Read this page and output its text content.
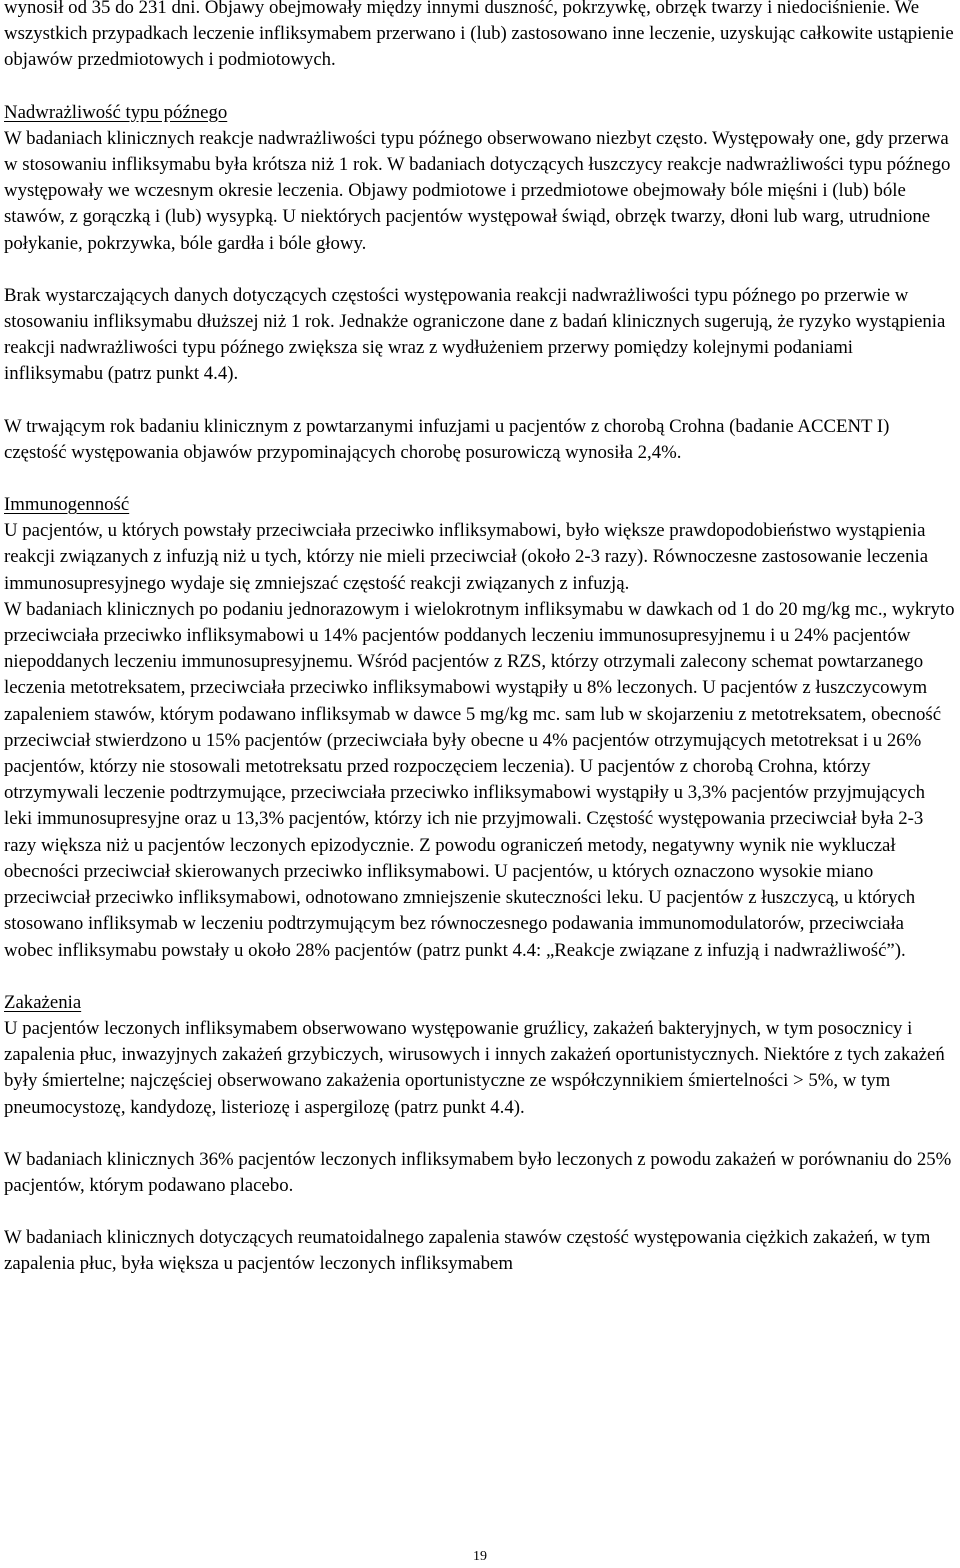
wynosił od 35 do 231 dni. Objawy obejmowały między innymi duszność, pokrzywkę, obrzęk twarzy i niedociśnienie. We wszystkich przypadkach leczenie infliksymabem przerwano i (lub) zastosowano inne leczenie, uzyskując całkowite ustąpienie objawów przedmiotowych i podmiotowych.

Nadwrażliwość typu późnego
W badaniach klinicznych reakcje nadwrażliwości typu późnego obserwowano niezbyt często. Występowały one, gdy przerwa w stosowaniu infliksymabu była krótsza niż 1 rok. W badaniach dotyczących łuszczycy reakcje nadwrażliwości typu późnego występowały we wczesnym okresie leczenia. Objawy podmiotowe i przedmiotowe obejmowały bóle mięśni i (lub) bóle stawów, z gorączką i (lub) wysypką. U niektórych pacjentów występował świąd, obrzęk twarzy, dłoni lub warg, utrudnione połykanie, pokrzywka, bóle gardła i bóle głowy.

Brak wystarczających danych dotyczących częstości występowania reakcji nadwrażliwości typu późnego po przerwie w stosowaniu infliksymabu dłuższej niż 1 rok. Jednakże ograniczone dane z badań klinicznych sugerują, że ryzyko wystąpienia reakcji nadwrażliwości typu późnego zwiększa się wraz z wydłużeniem przerwy pomiędzy kolejnymi podaniami infliksymabu (patrz punkt 4.4).

W trwającym rok badaniu klinicznym z powtarzanymi infuzjami u pacjentów z chorobą Crohna (badanie ACCENT I) częstość występowania objawów przypominających chorobę posurowiczą wynosiła 2,4%.

Immunogenność
U pacjentów, u których powstały przeciwciała przeciwko infliksymabowi, było większe prawdopodobieństwo wystąpienia reakcji związanych z infuzją niż u tych, którzy nie mieli przeciwciał (około 2-3 razy). Równoczesne zastosowanie leczenia immunosupresyjnego wydaje się zmniejszać częstość reakcji związanych z infuzją.
W badaniach klinicznych po podaniu jednorazowym i wielokrotnym infliksymabu w dawkach od 1 do 20 mg/kg mc., wykryto przeciwciała przeciwko infliksymabowi u 14% pacjentów poddanych leczeniu immunosupresyjnemu i u 24% pacjentów niepoddanych leczeniu immunosupresyjnemu. Wśród pacjentów z RZS, którzy otrzymali zalecony schemat powtarzanego leczenia metotreksatem, przeciwciała przeciwko infliksymabowi wystąpiły u 8% leczonych. U pacjentów z łuszczycowym zapaleniem stawów, którym podawano infliksymab w dawce 5 mg/kg mc. sam lub w skojarzeniu z metotreksatem, obecność przeciwciał stwierdzono u 15% pacjentów (przeciwciała były obecne u 4% pacjentów otrzymujących metotreksat i u 26% pacjentów, którzy nie stosowali metotreksatu przed rozpoczęciem leczenia). U pacjentów z chorobą Crohna, którzy otrzymywali leczenie podtrzymujące, przeciwciała przeciwko infliksymabowi wystąpiły u 3,3% pacjentów przyjmujących leki immunosupresyjne oraz u 13,3% pacjentów, którzy ich nie przyjmowali. Częstość występowania przeciwciał była 2-3 razy większa niż u pacjentów leczonych epizodycznie. Z powodu ograniczeń metody, negatywny wynik nie wykluczał obecności przeciwciał skierowanych przeciwko infliksymabowi. U pacjentów, u których oznaczono wysokie miano przeciwciał przeciwko infliksymabowi, odnotowano zmniejszenie skuteczności leku. U pacjentów z łuszczycą, u których stosowano infliksymab w leczeniu podtrzymującym bez równoczesnego podawania immunomodulatorów, przeciwciała wobec infliksymabu powstały u około 28% pacjentów (patrz punkt 4.4: „Reakcje związane z infuzją i nadwrażliwość”).
Zakażenia
U pacjentów leczonych infliksymabem obserwowano występowanie gruźlicy, zakażeń bakteryjnych, w tym posocznicy i zapalenia płuc, inwazyjnych zakażeń grzybiczych, wirusowych i innych zakażeń oportunistycznych. Niektóre z tych zakażeń były śmiertelne; najczęściej obserwowano zakażenia oportunistyczne ze współczynnikiem śmiertelności > 5%, w tym pneumocystozę, kandydozę, listeriozę i aspergilozę (patrz punkt 4.4).

W badaniach klinicznych 36% pacjentów leczonych infliksymabem było leczonych z powodu zakażeń w porównaniu do 25% pacjentów, którym podawano placebo.

W badaniach klinicznych dotyczących reumatoidalnego zapalenia stawów częstość występowania ciężkich zakażeń, w tym zapalenia płuc, była większa u pacjentów leczonych infliksymabem

19
